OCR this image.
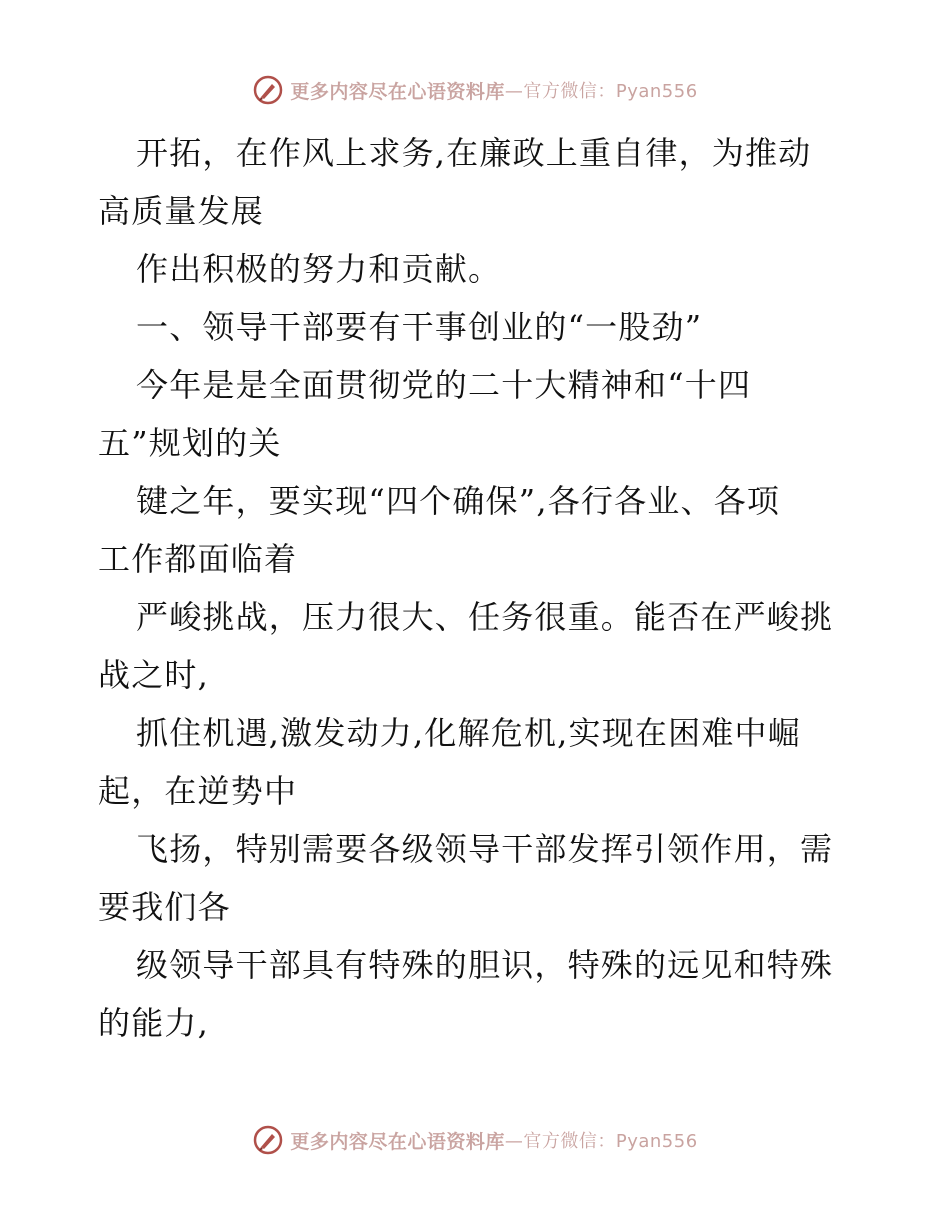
更多内容尽在心语资料库 —官方微信：Pyan556
开拓，在作风上求务,在廉政上重自律，为推动
高质量发展
作出积极的努力和贡献。
一、领导干部要有干事创业的“一股劲”
今年是是全面贯彻党的二十大精神和“十四
五”规划的关
键之年，要实现“四个确保”,各行各业、各项
工作都面临着
严峻挑战，压力很大、任务很重。能否在严峻挑
战之时,
抓住机遇,激发动力,化解危机,实现在困难中崛
起，在逆势中
飞扬，特别需要各级领导干部发挥引领作用，需
要我们各
级领导干部具有特殊的胆识，特殊的远见和特殊
的能力,
更多内容尽在心语资料库 —官方微信：Pyan556
